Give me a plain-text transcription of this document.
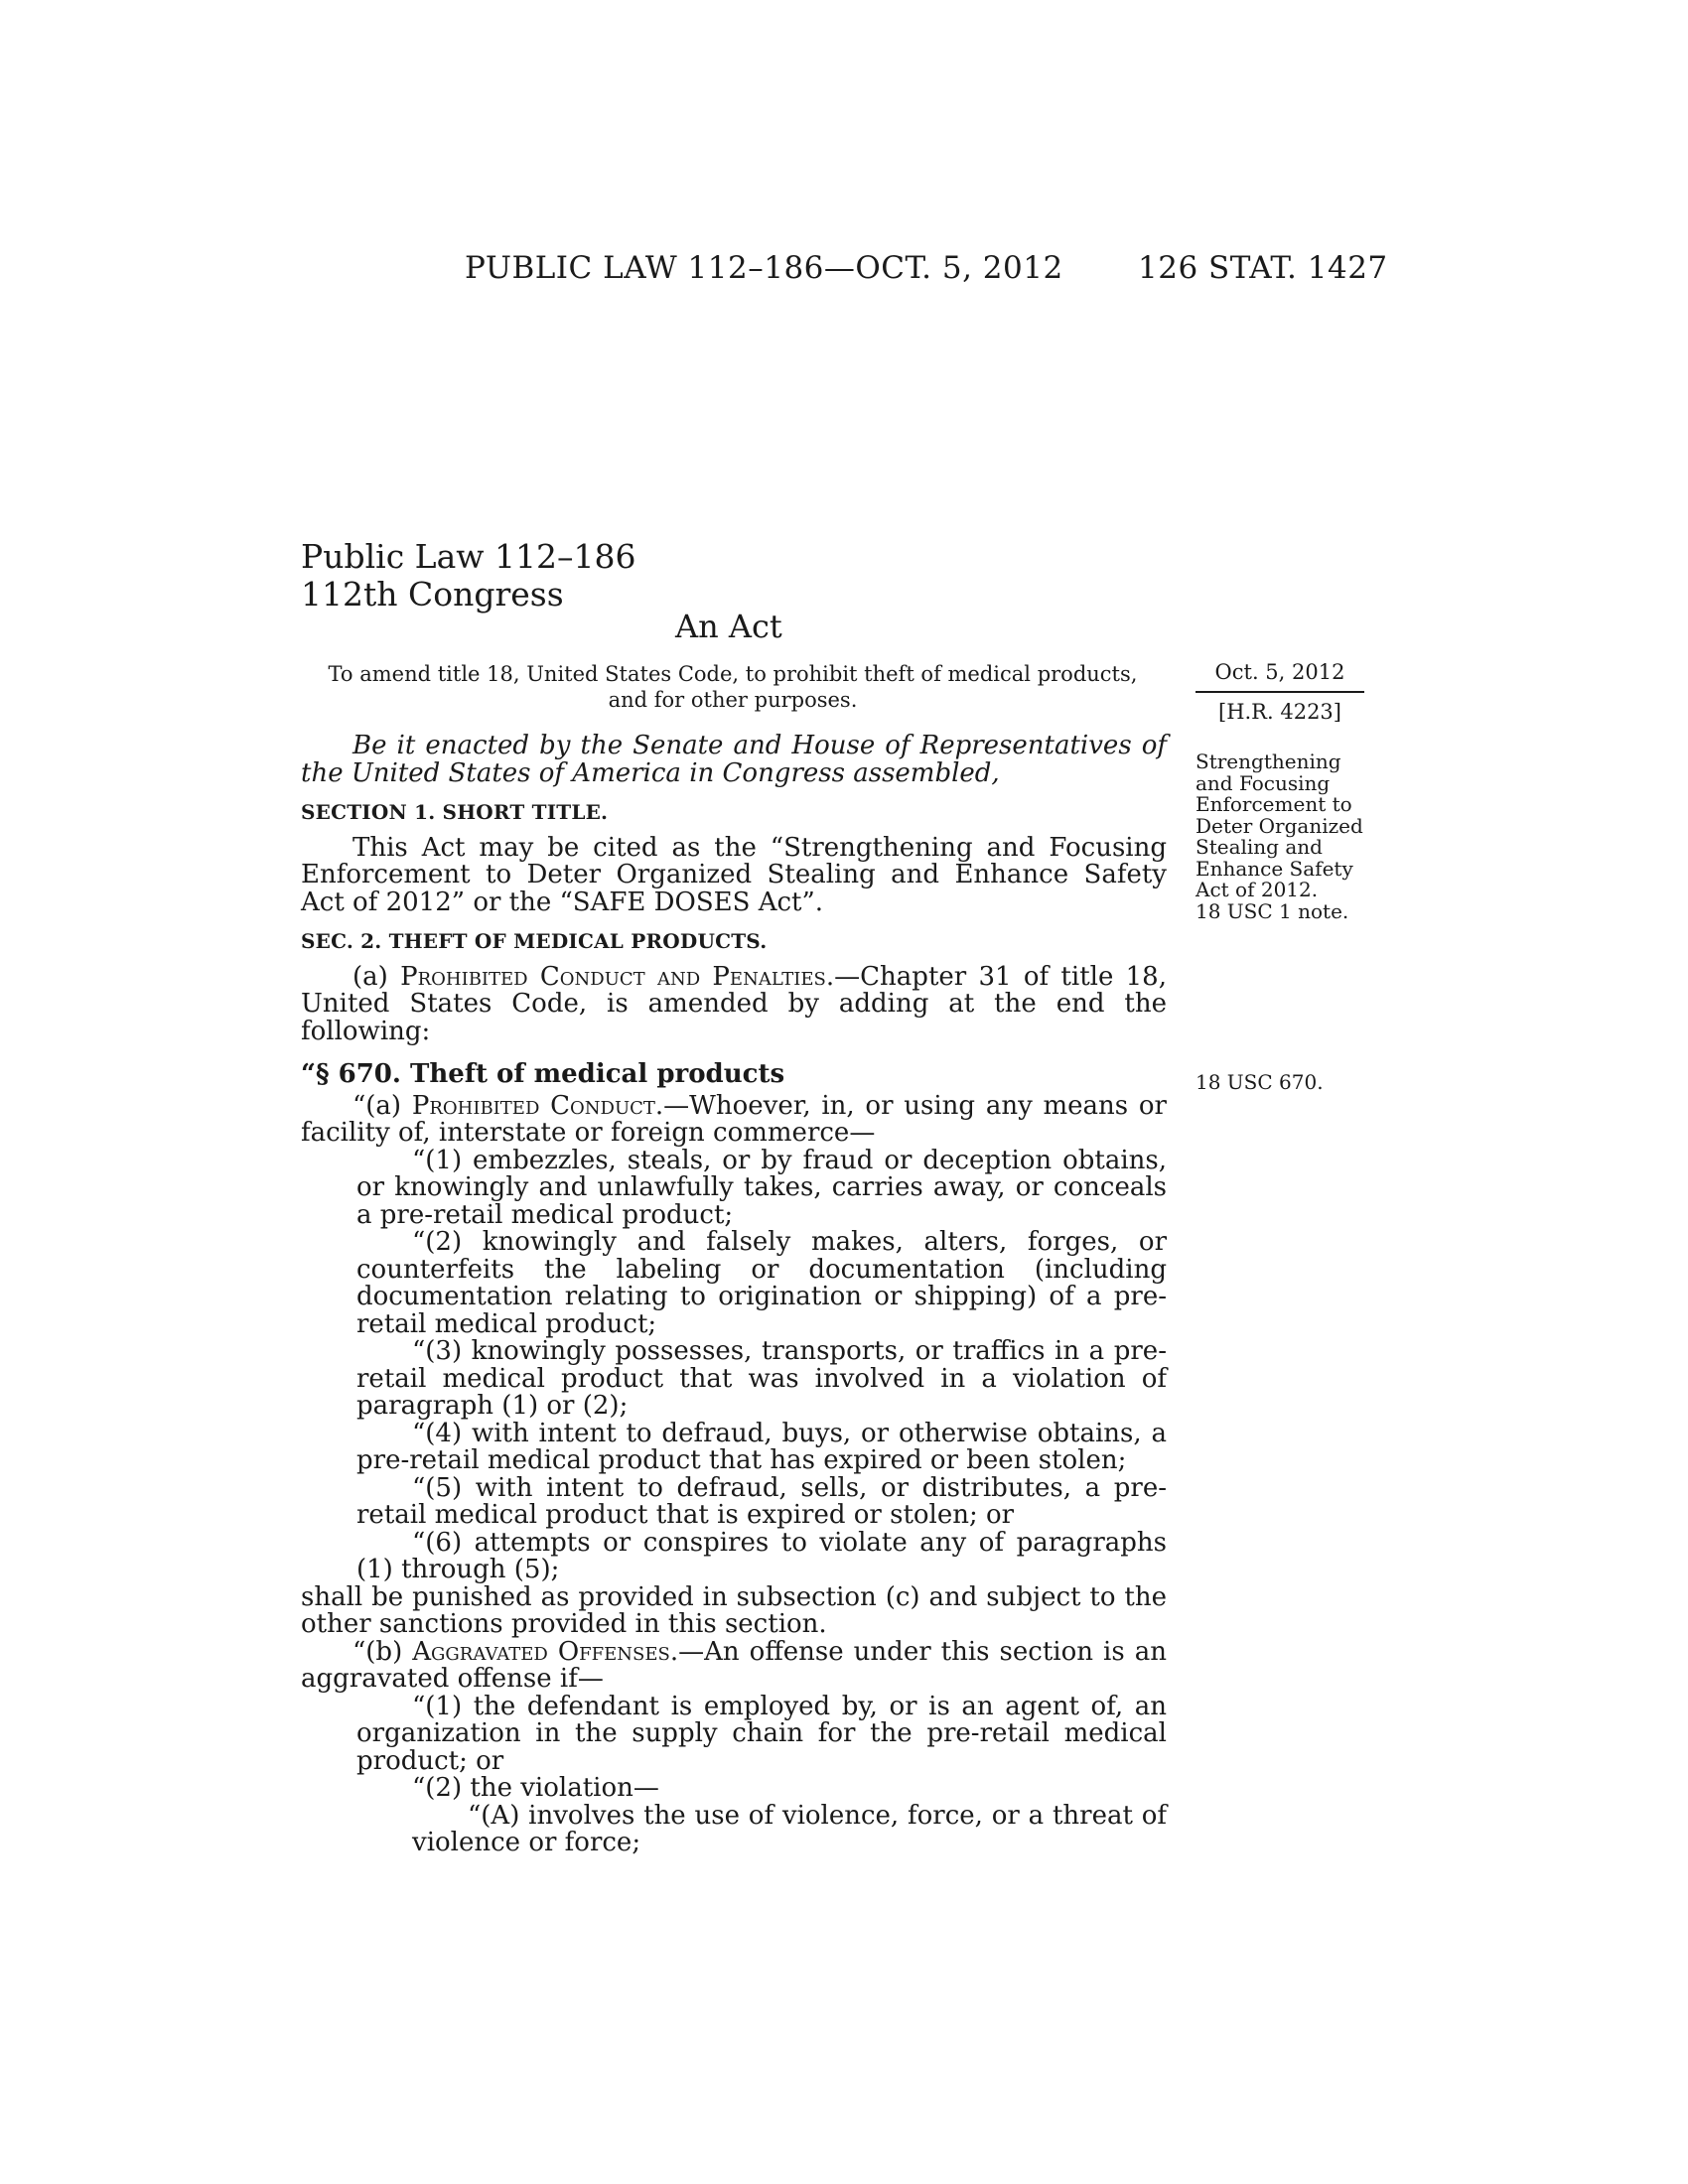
PUBLIC LAW 112–186—OCT. 5, 2012 126 STAT. 1427
Public Law 112–186
112th Congress
An Act
To amend title 18, United States Code, to prohibit theft of medical products, and for other purposes.
Oct. 5, 2012
[H.R. 4223]

Be it enacted by the Senate and House of Representatives of the United States of America in Congress assembled,

SECTION 1. SHORT TITLE.

This Act may be cited as the “Strengthening and Focusing Enforcement to Deter Organized Stealing and Enhance Safety Act of 2012” or the “SAFE DOSES Act”.

SEC. 2. THEFT OF MEDICAL PRODUCTS.

(a) Prohibited Conduct and Penalties.—Chapter 31 of title 18, United States Code, is amended by adding at the end the following:

“§ 670. Theft of medical products

“(a) Prohibited Conduct.—Whoever, in, or using any means or facility of, interstate or foreign commerce—

“(1) embezzles, steals, or by fraud or deception obtains, or knowingly and unlawfully takes, carries away, or conceals a pre-retail medical product;

“(2) knowingly and falsely makes, alters, forges, or counterfeits the labeling or documentation (including documentation relating to origination or shipping) of a pre-retail medical product;

“(3) knowingly possesses, transports, or traffics in a preretail medical product that was involved in a violation of paragraph (1) or (2);

“(4) with intent to defraud, buys, or otherwise obtains, a pre-retail medical product that has expired or been stolen;

“(5) with intent to defraud, sells, or distributes, a preretail medical product that is expired or stolen; or

“(6) attempts or conspires to violate any of paragraphs (1) through (5);

shall be punished as provided in subsection (c) and subject to the other sanctions provided in this section.

“(b) Aggravated Offenses.—An offense under this section is an aggravated offense if—

“(1) the defendant is employed by, or is an agent of, an organization in the supply chain for the pre-retail medical product; or

“(2) the violation—

“(A) involves the use of violence, force, or a threat of violence or force;

Strengthening
and Focusing
Enforcement to
Deter Organized
Stealing and
Enhance Safety
Act of 2012.
18 USC 1 note.
18 USC 670.
